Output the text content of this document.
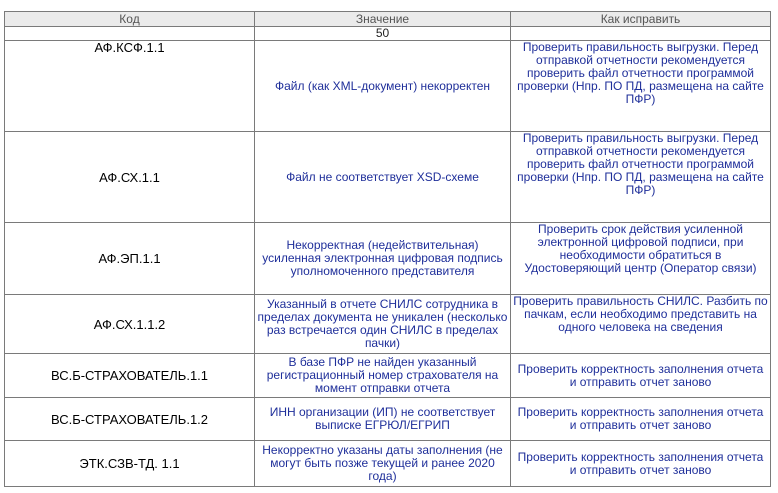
Код	Значение	Как исправить
	50	
АФ.КСФ.1.1	Файл (как XML-документ) некорректен	Проверить правильность выгрузки. Перед отправкой отчетности рекомендуется проверить файл отчетности программой проверки (Нпр. ПО ПД, размещена на сайте ПФР)
АФ.СХ.1.1	Файл не соответствует XSD-схеме	Проверить правильность выгрузки. Перед отправкой отчетности рекомендуется проверить файл отчетности программой проверки (Нпр. ПО ПД, размещена на сайте ПФР)
АФ.ЭП.1.1	Некорректная (недействительная) усиленная электронная цифровая подпись уполномоченного представителя	Проверить срок действия усиленной электронной цифровой подписи, при необходимости обратиться в Удостоверяющий центр (Оператор связи)
АФ.СХ.1.1.2	Указанный в отчете СНИЛС сотрудника в пределах документа не уникален (несколько раз встречается один СНИЛС в пределах пачки)	Проверить правильность СНИЛС. Разбить по пачкам, если необходимо представить на одного человека на сведения
ВС.Б-СТРАХОВАТЕЛЬ.1.1	В базе ПФР не найден указанный регистрационный номер страхователя на момент отправки отчета	Проверить корректность заполнения отчета и отправить отчет заново
ВС.Б-СТРАХОВАТЕЛЬ.1.2	ИНН организации (ИП) не соответствует выписке ЕГРЮЛ/ЕГРИП	Проверить корректность заполнения отчета и отправить отчет заново
ЭТК.СЗВ-ТД. 1.1	Некорректно указаны даты заполнения (не могут быть позже текущей и ранее 2020 года)	Проверить корректность заполнения отчета и отправить отчет заново
